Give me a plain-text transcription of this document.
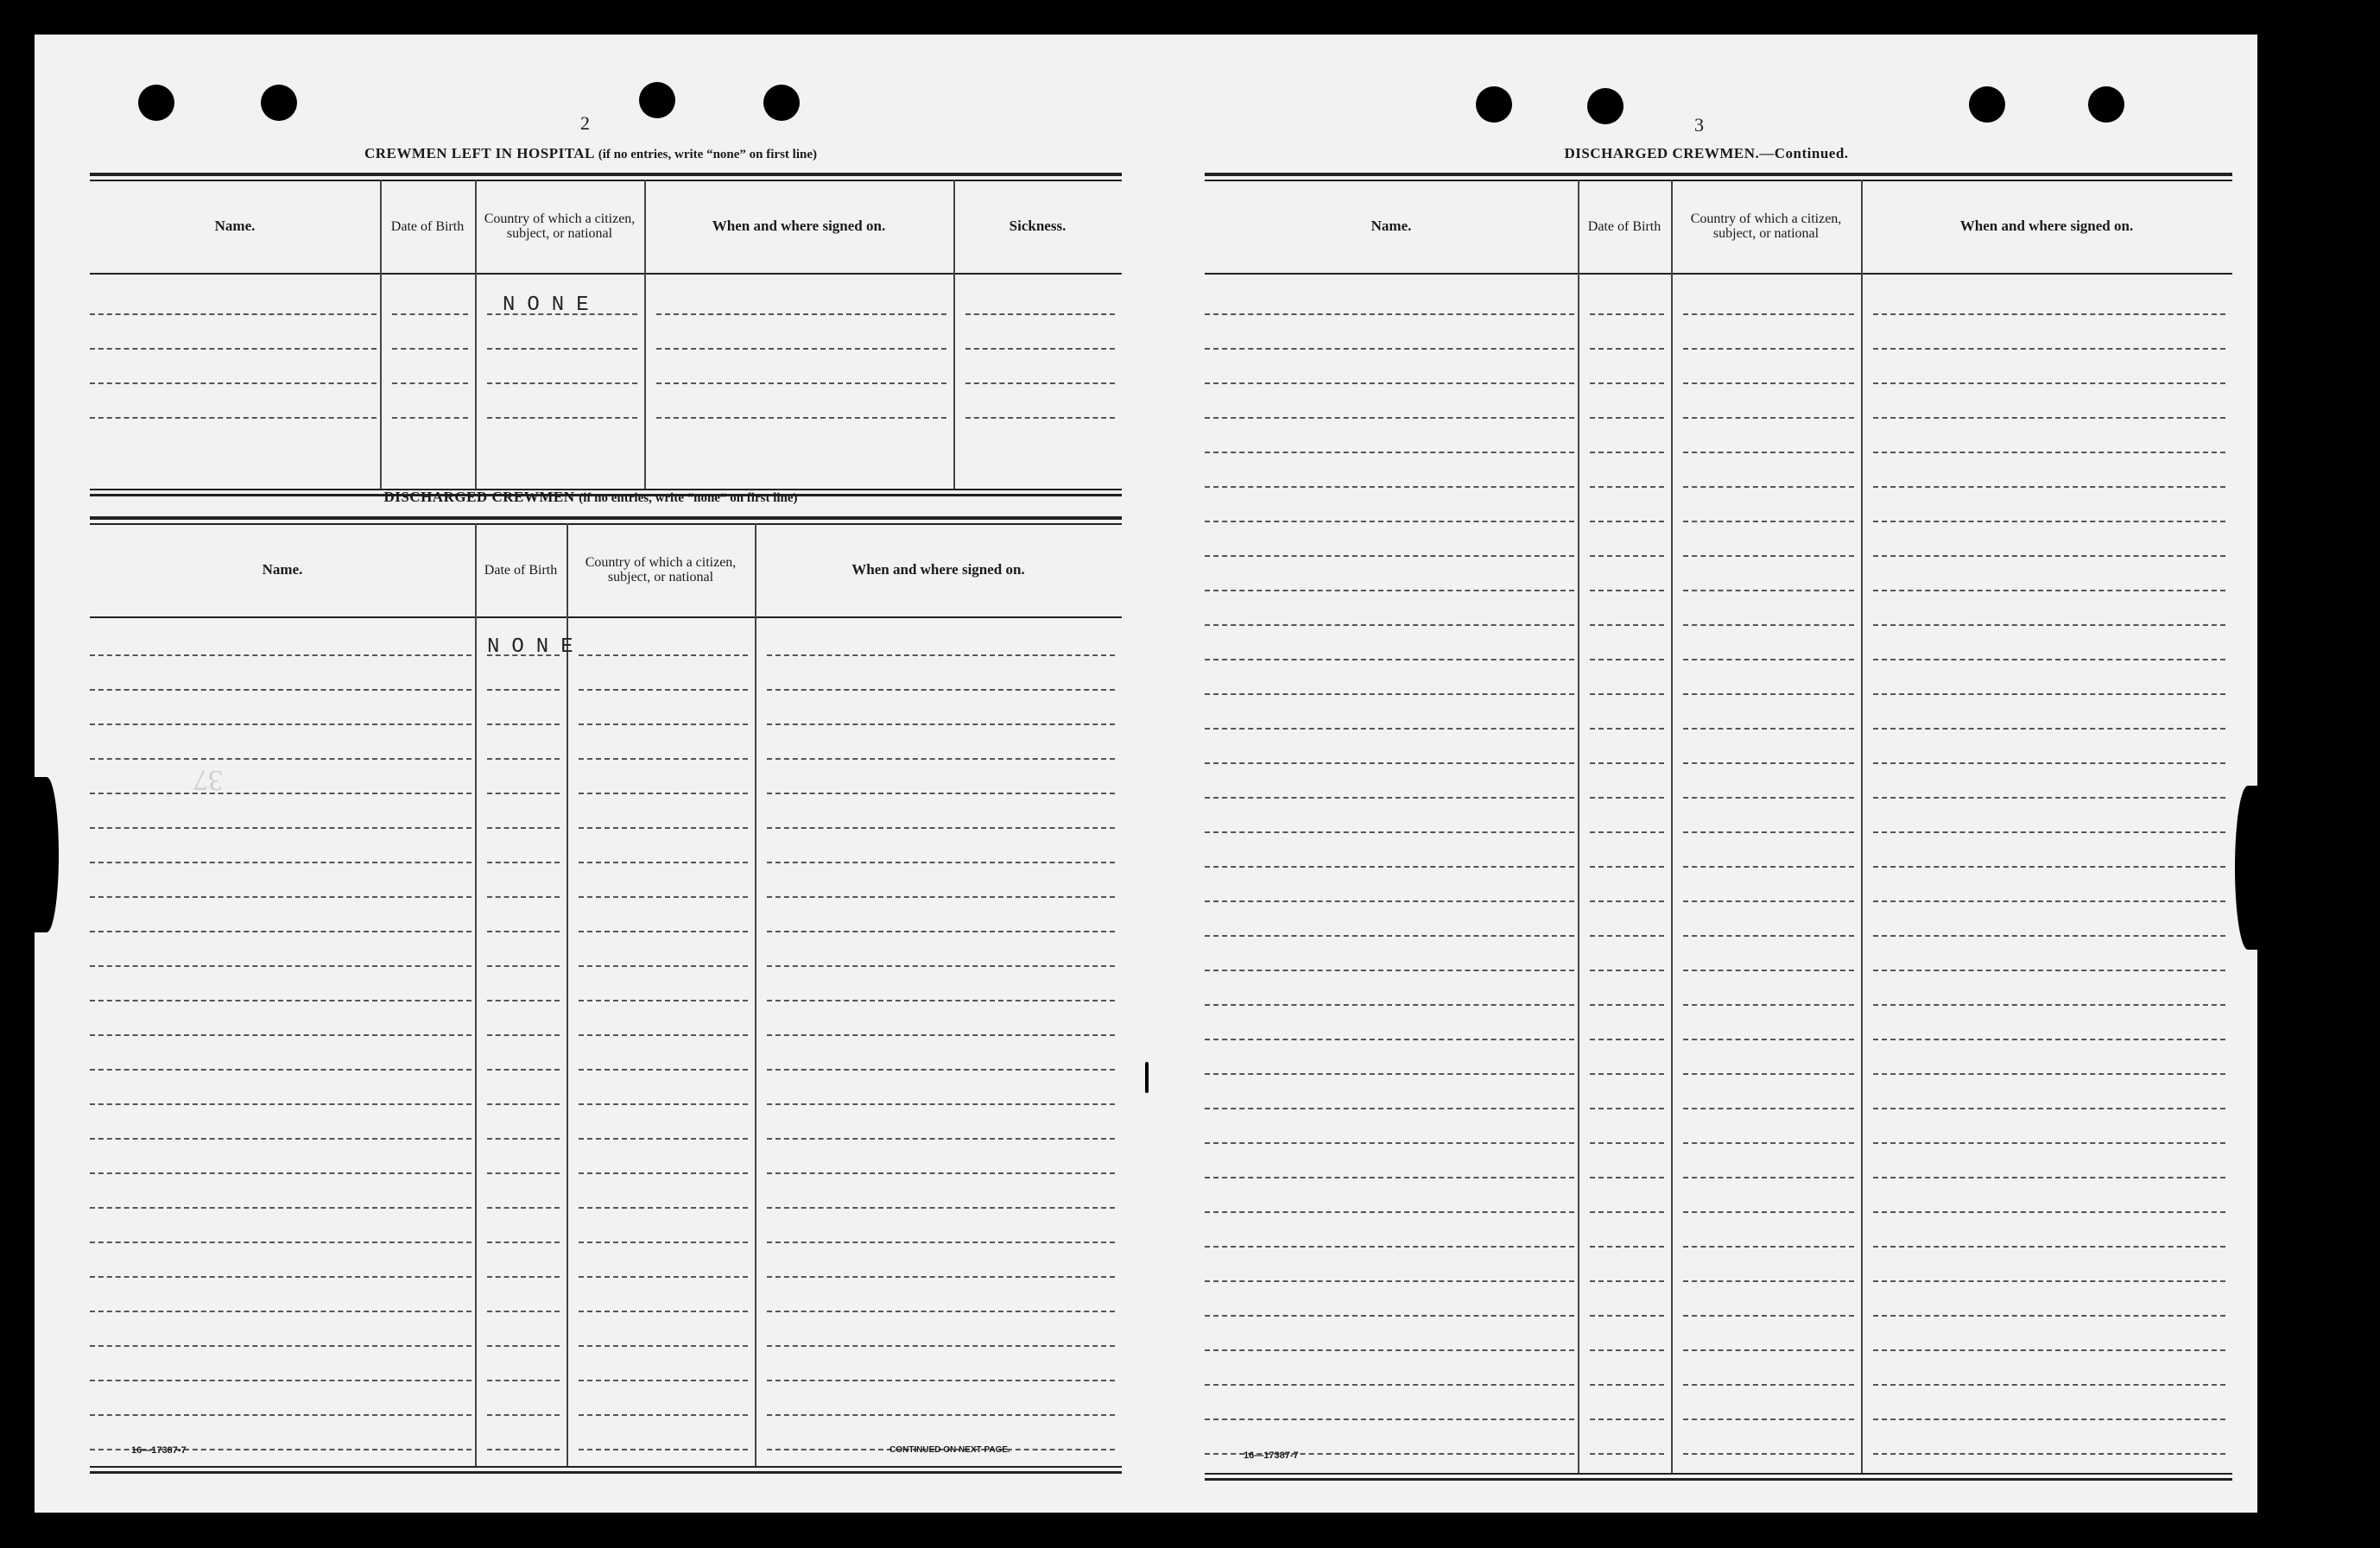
2	3
CREWMEN LEFT IN HOSPITAL (if no entries, write “none” on first line)
Name.	Date of Birth	Country of which a citizen, subject, or national	When and where signed on.	Sickness.
DISCHARGED CREWMEN (if no entries, write “none” on first line)
Name.	Date of Birth	Country of which a citizen, subject, or national	When and where signed on.
37
16—17387-7	CONTINUED ON NEXT PAGE.
DISCHARGED CREWMEN.—Continued.
Name.	Date of Birth	Country of which a citizen, subject, or national	When and where signed on.
16—17387-7
NONE
NONE
